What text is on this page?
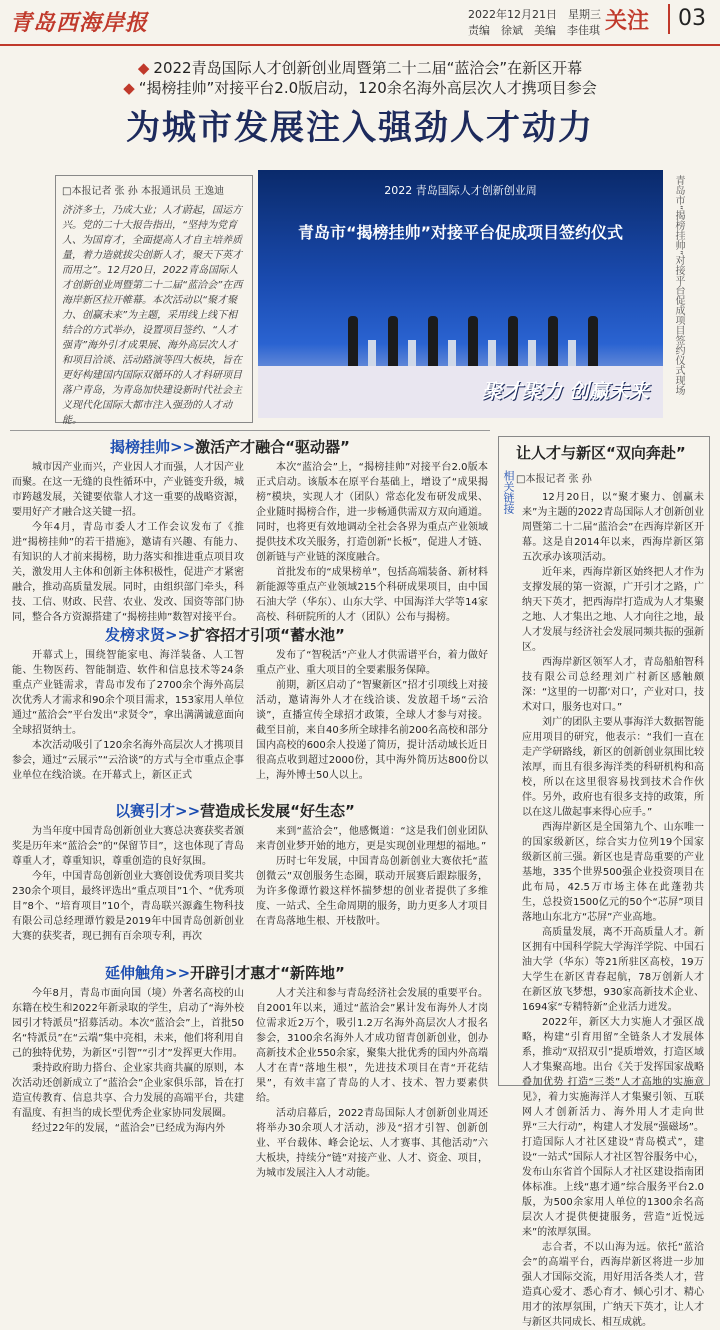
青岛西海岸报	2022年12月21日　星期三
责编　徐斌　美编　李佳琪 关注	03
◆ 2022青岛国际人才创新创业周暨第二十二届“蓝洽会”在新区开幕
◆ “揭榜挂帅”对接平台2.0版启动，120余名海外高层次人才携项目参会
为城市发展注入强劲人才动力
□本报记者 张 孙 本报通讯员 王逸迪
济济多士，乃成大业；人才蔚起，国运方兴。党的二十大报告指出，“坚持为党育人、为国育才，全面提高人才自主培养质量，着力造就拔尖创新人才，聚天下英才而用之”。12月20日，2022青岛国际人才创新创业周暨第二十二届“蓝洽会”在西海岸新区拉开帷幕。本次活动以“聚才聚力、创赢未来”为主题，采用线上线下相结合的方式举办，设置项目签约、“人才强青”海外引才成果展、海外高层次人才和项目洽谈、活动路演等四大板块，旨在更好构建国内国际双循环的人才科研项目落户青岛，为青岛加快建设新时代社会主义现代化国际大都市注入强劲的人才动能。
2022 青岛国际人才创新创业周
青岛市“揭榜挂帅”对接平台促成项目签约仪式
聚才聚力 创赢未来	青岛市“揭榜挂帅”对接平台促成项目签约仪式现场
揭榜挂帅>>激活产才融合“驱动器”

城市因产业而兴，产业因人才而强，人才因产业而聚。在这一无缝的良性循环中，产业链变升级，城市跨越发展，关键要依靠人才这一重要的战略资源，要用好产才融合这关键一招。

今年4月，青岛市委人才工作会议发布了《推进“揭榜挂帅”的若干措施》，邀请有兴趣、有能力、有知识的人才前来揭榜，助力落实和推进重点项目攻关，激发用人主体和创新主体积极性，促进产才紧密融合，推动高质量发展。同时，由组织部门牵头，科技、工信、财政、民营、农业、发改、国资等部门协同，整合各方资源搭建了“揭榜挂帅”数智对接平台。

本次“蓝洽会”上，“揭榜挂帅”对接平台2.0版本正式启动。该版本在原平台基础上，增设了“成果揭榜”模块，实现人才（团队）常态化发布研发成果、企业随时揭榜合作，进一步畅通供需双方双向通道。同时，也将更有效地调动全社会各界为重点产业领域提供技术攻关服务，打造创新“长板”，促进人才链、创新链与产业链的深度融合。

首批发布的“成果榜单”，包括高端装备、新材料新能源等重点产业领域215个科研成果项目，由中国石油大学（华东）、山东大学、中国海洋大学等14家高校、科研院所的人才（团队）公布与揭榜。

发榜求贤>>扩容招才引项“蓄水池”

开幕式上，围绕智能家电、海洋装备、人工智能、生物医药、智能制造、软件和信息技术等24条重点产业链需求，青岛市发布了2700余个海外高层次优秀人才需求和90余个项目需求，153家用人单位通过“蓝洽会”平台发出“求贤令”，拿出满满诚意面向全球招贤纳士。

本次活动吸引了120余名海外高层次人才携项目参会，通过“云展示”“云洽谈”的方式与全市重点企事业单位在线洽谈。在开幕式上，新区正式

发布了“智税活”产业人才供需谱平台，着力做好重点产业、重大项目的全要素服务保障。

前期，新区启动了“智聚新区”招才引项线上对接活动，邀请海外人才在线洽谈、发放超千场“云洽谈”，直播宣传全球招才政策，全球人才参与对接。截至目前，来自40多所全球排名前200名高校和部分国内高校的600余人投递了简历，提计活动域长近日很高点收到超过2000份，其中海外简历达800份以上，海外博士50人以上。

以赛引才>>营造成长发展“好生态”

为当年度中国青岛创新创业大赛总决赛获奖者颁奖是历年来“蓝洽会”的“保留节目”，这也体现了青岛尊重人才，尊重知识，尊重创造的良好氛围。

今年，中国青岛创新创业大赛创设优秀项目奖共230余个项目，最终评选出“重点项目”1个、“优秀项目”8个、“培育项目”10个，青岛联兴源鑫生物科技有限公司总经理谭竹毅是2019年中国青岛创新创业大赛的获奖者，现已拥有百余项专利，再次

来到“蓝洽会”，他感慨道：“这是我们创业团队来青创业梦开始的地方，更是实现创业理想的福地。”

历时七年发展，中国青岛创新创业大赛依托“蓝创微云”双创服务生态圈，联动开展赛后跟踪服务，为许多像谭竹毅这样怀揣梦想的创业者提供了多维度、一站式、全生命周期的服务，助力更多人才项目在青岛落地生根、开枝散叶。

延伸触角>>开辟引才惠才“新阵地”

今年8月，青岛市面向国（境）外著名高校的山东籍在校生和2022年新录取的学生，启动了“海外校园引才特派员”招募活动。本次“蓝洽会”上，首批50名“特派员”在“云端”集中亮相，未来，他们将利用自己的独特优势，为新区“引智”“引才”发挥更大作用。

秉持政府助力搭台、企业家共商共赢的原则，本次活动还创新成立了“蓝洽会”企业家俱乐部，旨在打造宣传教育、信息共享、合力发展的高端平台，共建有温度、有担当的成长型优秀企业家协同发展圈。

经过22年的发展，“蓝洽会”已经成为海内外

人才关注和参与青岛经济社会发展的重要平台。自2001年以来，通过“蓝洽会”累计发布海外人才岗位需求近2万个，吸引1.2万名海外高层次人才报名参会，3100余名海外人才成功留青创新创业，创办高新技术企业550余家，聚集大批优秀的国内外高端人才在青“落地生根”，先进技术项目在青“开花结果”，有效丰富了青岛的人才、技术、智力要素供给。

活动启幕后，2022青岛国际人才创新创业周还将举办30余项人才活动，涉及“招才引智、创新创业、平台载体、峰会论坛、人才赛事、其他活动”六大板块，持续分“链”对接产业、人才、资金、项目，为城市发展注入人才动能。

相关链接
让人才与新区“双向奔赴”
□本报记者 张 孙

12月20日，以“聚才聚力、创赢未来”为主题的2022青岛国际人才创新创业周暨第二十二届“蓝洽会”在西海岸新区开幕。这是自2014年以来，西海岸新区第五次承办该项活动。

近年来，西海岸新区始终把人才作为支撑发展的第一资源，广开引才之路，广纳天下英才，把西海岸打造成为人才集聚之地、人才集出之地、人才向往之地，最人才发展与经济社会发展同频共振的强新区。

西海岸新区领军人才，青岛船舶智科技有限公司总经理刘广村新区感触颇深：“这里的一切都‘对口’，产业对口，技术对口，服务也对口。”

刘广的团队主要从事海洋大数据智能应用项目的研究，他表示：“我们一直在走产学研路线，新区的创新创业氛围比较浓厚，而且有很多海洋类的科研机构和高校，所以在这里很容易找到技术合作伙伴。另外，政府也有很多支持的政策，所以在这儿做起事来得心应手。”

西海岸新区是全国第九个、山东唯一的国家级新区，综合实力位列19个国家级新区前三强。新区也是青岛重要的产业基地，335个世界500强企业投资项目在此布局，42.5万市场主体在此蓬勃共生，总投资1500亿元的50个“芯屏”项目落地山东北方“芯屏”产业高地。

高质量发展，离不开高质量人才。新区拥有中国科学院大学海洋学院、中国石油大学（华东）等21所驻区高校，19万大学生在新区青春起航，78万创新人才在新区放飞梦想，930家高新技术企业、1694家“专精特新”企业活力迸发。

2022年，新区大力实施人才强区战略，构建“引育用留”全链条人才发展体系，推动“双招双引”提质增效，打造区域人才集聚高地。出台《关于发挥国家战略叠加优势 打造“三类”人才高地的实施意见》，着力实施海洋人才集聚引领、互联网人才创新活力、海外用人才走向世界“三大行动”，构建人才发展“强磁场”。打造国际人才社区建设“青岛模式”，建设“一站式”国际人才社区智谷服务中心，发布山东省首个国际人才社区建设指南团体标准。上线“惠才通”综合服务平台2.0版，为500余家用人单位的1300余名高层次人才提供便捷服务，营造“近悦远来”的浓厚氛围。

志合者，不以山海为远。依托“蓝洽会”的高端平台，西海岸新区将进一步加强人才国际交流，用好用活各类人才，营造真心爱才、悉心育才、倾心引才、精心用才的浓厚氛围，广纳天下英才，让人才与新区共同成长、相互成就。
